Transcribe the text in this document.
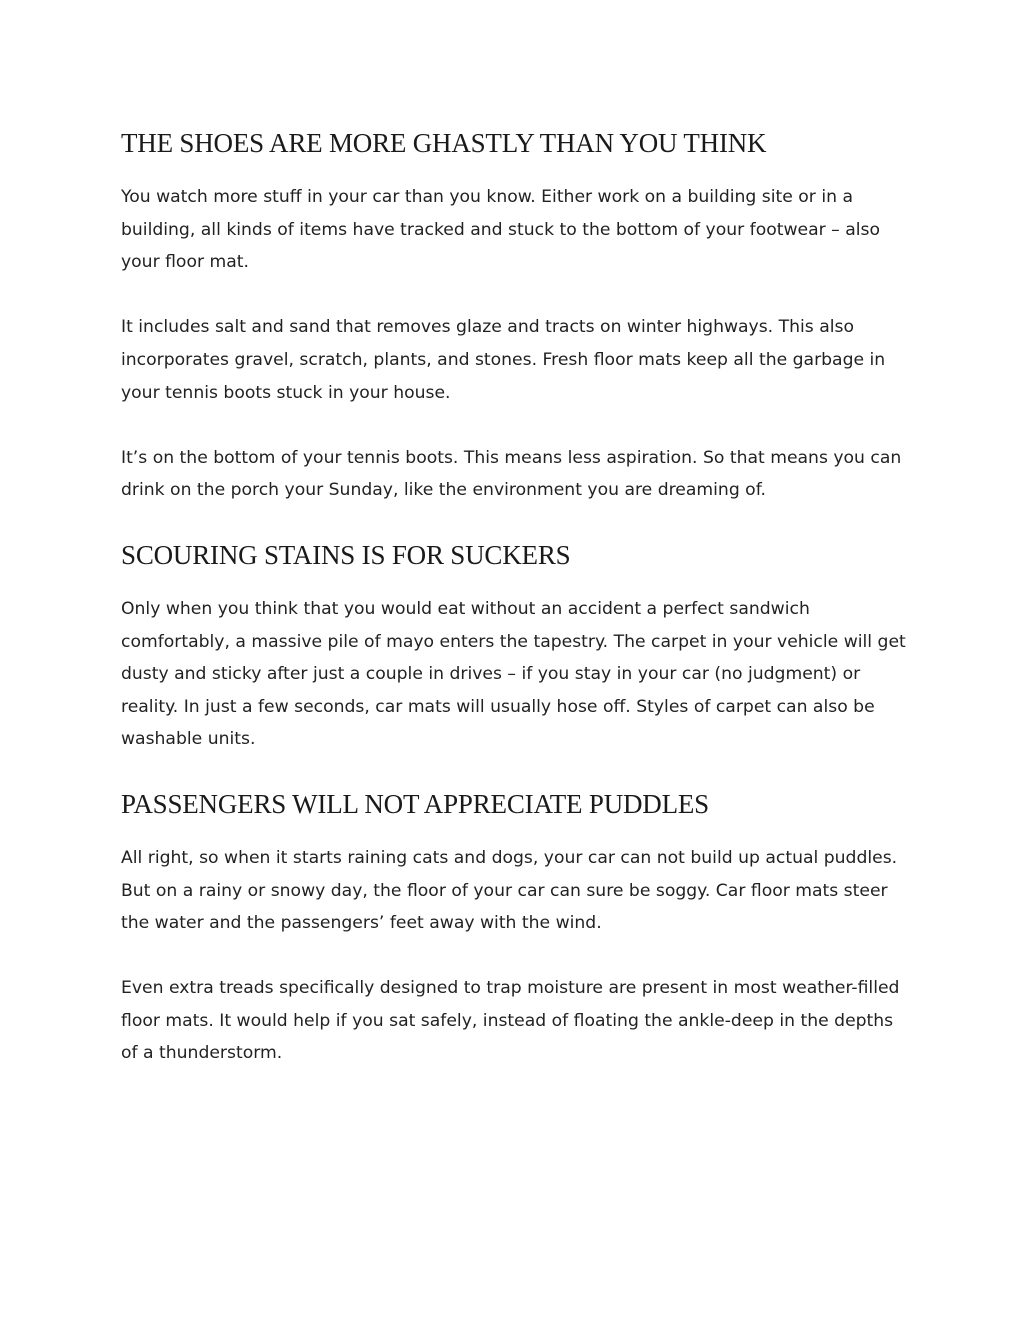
THE SHOES ARE MORE GHASTLY THAN YOU THINK

You watch more stuff in your car than you know. Either work on a building site or in a building, all kinds of items have tracked and stuck to the bottom of your footwear – also your floor mat.

It includes salt and sand that removes glaze and tracts on winter highways. This also incorporates gravel, scratch, plants, and stones. Fresh floor mats keep all the garbage in your tennis boots stuck in your house.

It’s on the bottom of your tennis boots. This means less aspiration. So that means you can drink on the porch your Sunday, like the environment you are dreaming of.

SCOURING STAINS IS FOR SUCKERS

Only when you think that you would eat without an accident a perfect sandwich comfortably, a massive pile of mayo enters the tapestry. The carpet in your vehicle will get dusty and sticky after just a couple in drives – if you stay in your car (no judgment) or reality. In just a few seconds, car mats will usually hose off. Styles of carpet can also be washable units.

PASSENGERS WILL NOT APPRECIATE PUDDLES

All right, so when it starts raining cats and dogs, your car can not build up actual puddles. But on a rainy or snowy day, the floor of your car can sure be soggy. Car floor mats steer the water and the passengers’ feet away with the wind.

Even extra treads specifically designed to trap moisture are present in most weather-filled floor mats. It would help if you sat safely, instead of floating the ankle-deep in the depths of a thunderstorm.
